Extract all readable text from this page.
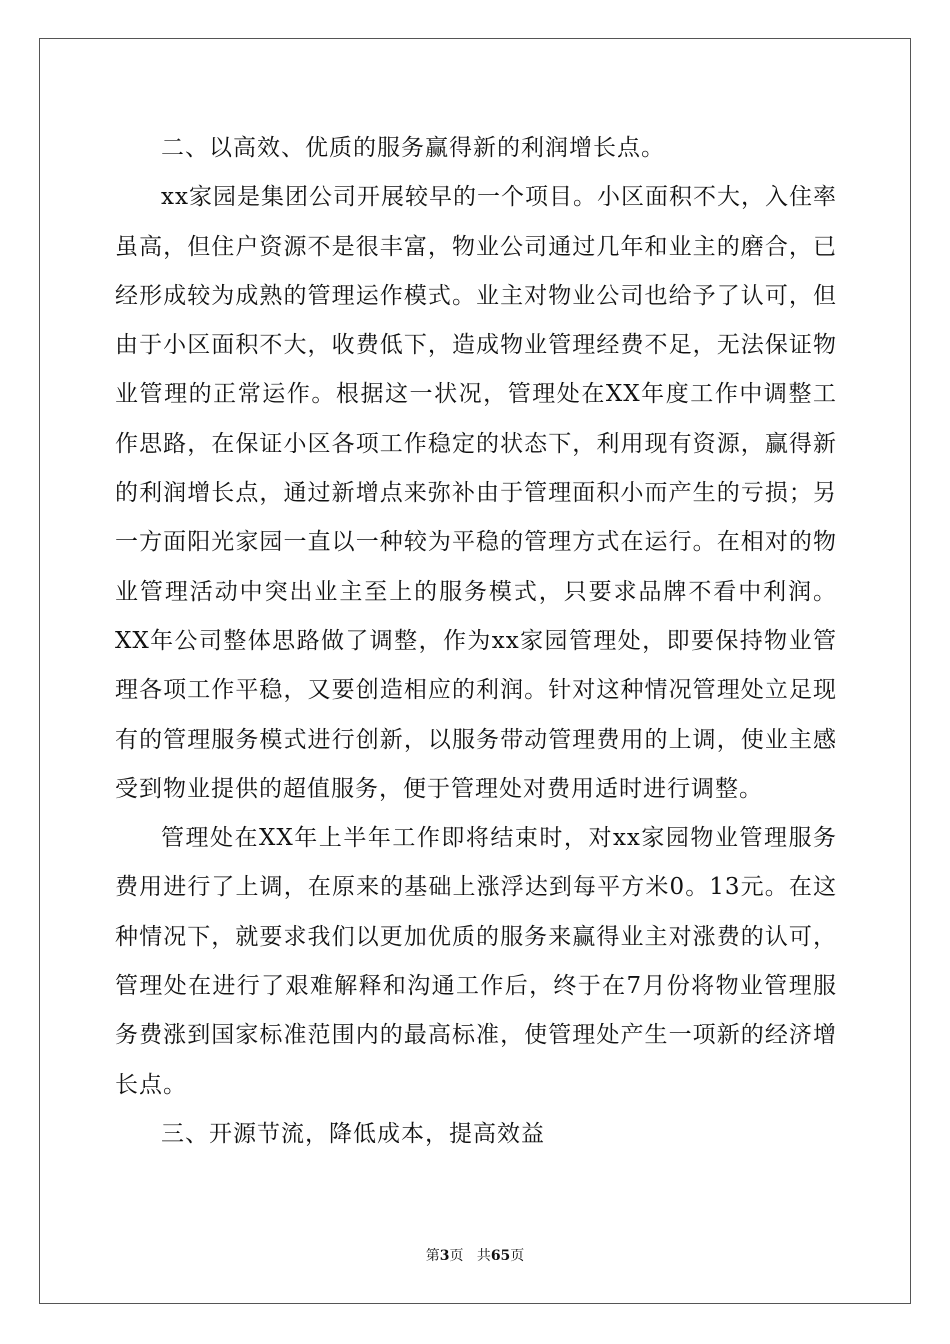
二、以高效、优质的服务赢得新的利润增长点。

xx家园是集团公司开展较早的一个项目。小区面积不大，入住率虽高，但住户资源不是很丰富，物业公司通过几年和业主的磨合，已经形成较为成熟的管理运作模式。业主对物业公司也给予了认可，但由于小区面积不大，收费低下，造成物业管理经费不足，无法保证物业管理的正常运作。根据这一状况，管理处在XX年度工作中调整工作思路，在保证小区各项工作稳定的状态下，利用现有资源，赢得新的利润增长点，通过新增点来弥补由于管理面积小而产生的亏损；另一方面阳光家园一直以一种较为平稳的管理方式在运行。在相对的物业管理活动中突出业主至上的服务模式，只要求品牌不看中利润。XX年公司整体思路做了调整，作为xx家园管理处，即要保持物业管理各项工作平稳，又要创造相应的利润。针对这种情况管理处立足现有的管理服务模式进行创新，以服务带动管理费用的上调，使业主感受到物业提供的超值服务，便于管理处对费用适时进行调整。

管理处在XX年上半年工作即将结束时，对xx家园物业管理服务费用进行了上调，在原来的基础上涨浮达到每平方米0。13元。在这种情况下，就要求我们以更加优质的服务来赢得业主对涨费的认可，管理处在进行了艰难解释和沟通工作后，终于在7月份将物业管理服务费涨到国家标准范围内的最高标准，使管理处产生一项新的经济增长点。

三、开源节流，降低成本，提高效益

第3页 共65页
